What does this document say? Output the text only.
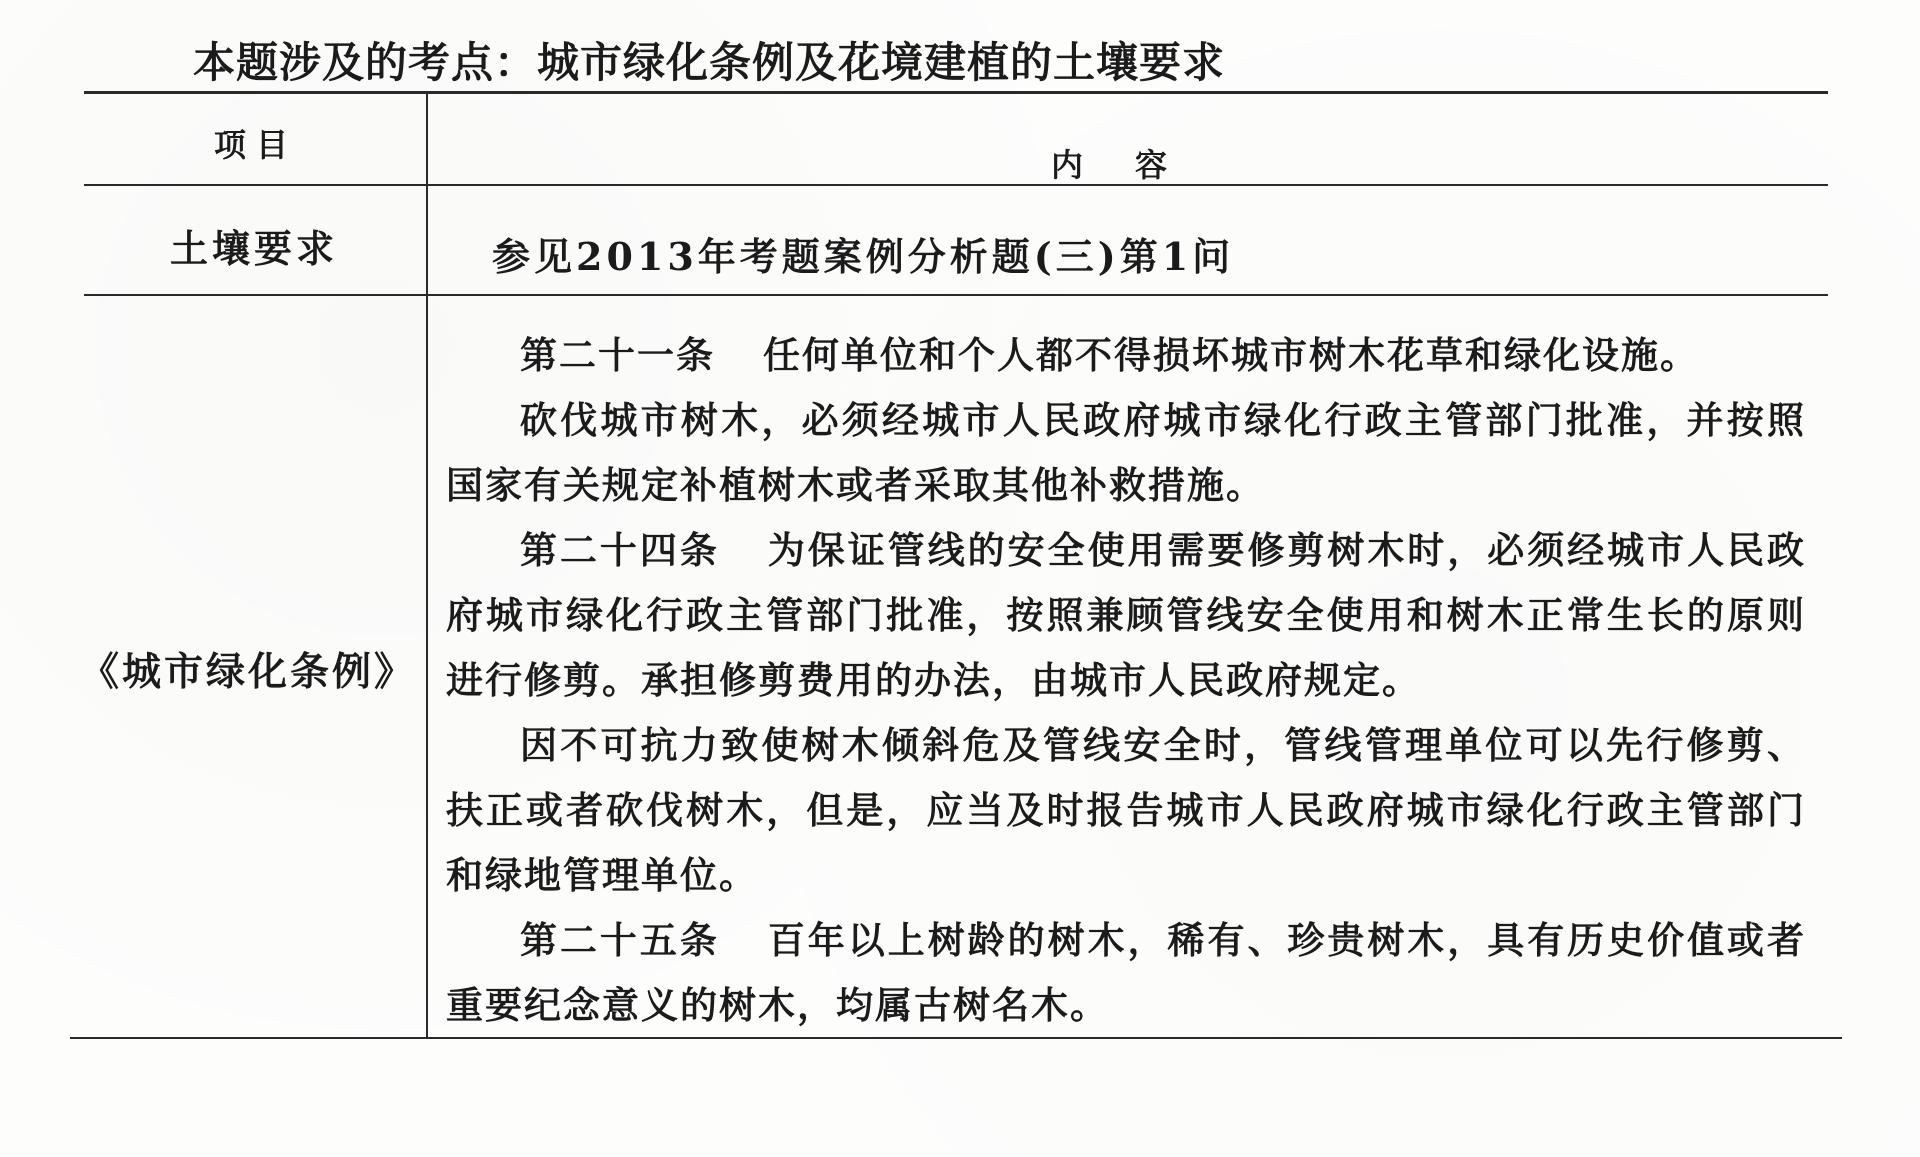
本题涉及的考点：城市绿化条例及花境建植的土壤要求
项目
内容
土壤要求	参见2013年考题案例分析题(三)第1问
《城市绿化条例》

第二十一条 任何单位和个人都不得损坏城市树木花草和绿化设施。

砍伐城市树木，必须经城市人民政府城市绿化行政主管部门批准，并按照国家有关规定补植树木或者采取其他补救措施。

第二十四条 为保证管线的安全使用需要修剪树木时，必须经城市人民政府城市绿化行政主管部门批准，按照兼顾管线安全使用和树木正常生长的原则进行修剪。承担修剪费用的办法，由城市人民政府规定。

因不可抗力致使树木倾斜危及管线安全时，管线管理单位可以先行修剪、扶正或者砍伐树木，但是，应当及时报告城市人民政府城市绿化行政主管部门和绿地管理单位。

第二十五条 百年以上树龄的树木，稀有、珍贵树木，具有历史价值或者重要纪念意义的树木，均属古树名木。
